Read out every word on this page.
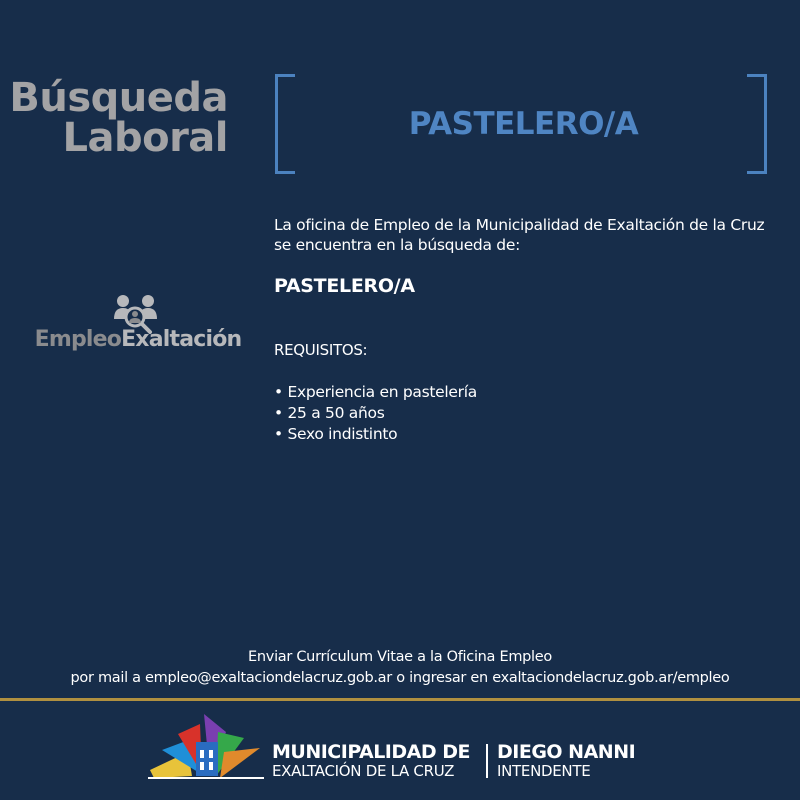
Búsqueda
Laboral	PASTELERO/A
EmpleoExaltación
La oficina de Empleo de la Municipalidad de Exaltación de la Cruz se encuentra en la búsqueda de:
PASTELERO/A
REQUISITOS:
• Experiencia en pastelería
• 25 a 50 años
• Sexo indistinto
Enviar Currículum Vitae a la Oficina Empleo
por mail a empleo@exaltaciondelacruz.gob.ar o ingresar en exaltaciondelacruz.gob.ar/empleo
MUNICIPALIDAD DE
EXALTACIÓN DE LA CRUZ
DIEGO NANNI
INTENDENTE
